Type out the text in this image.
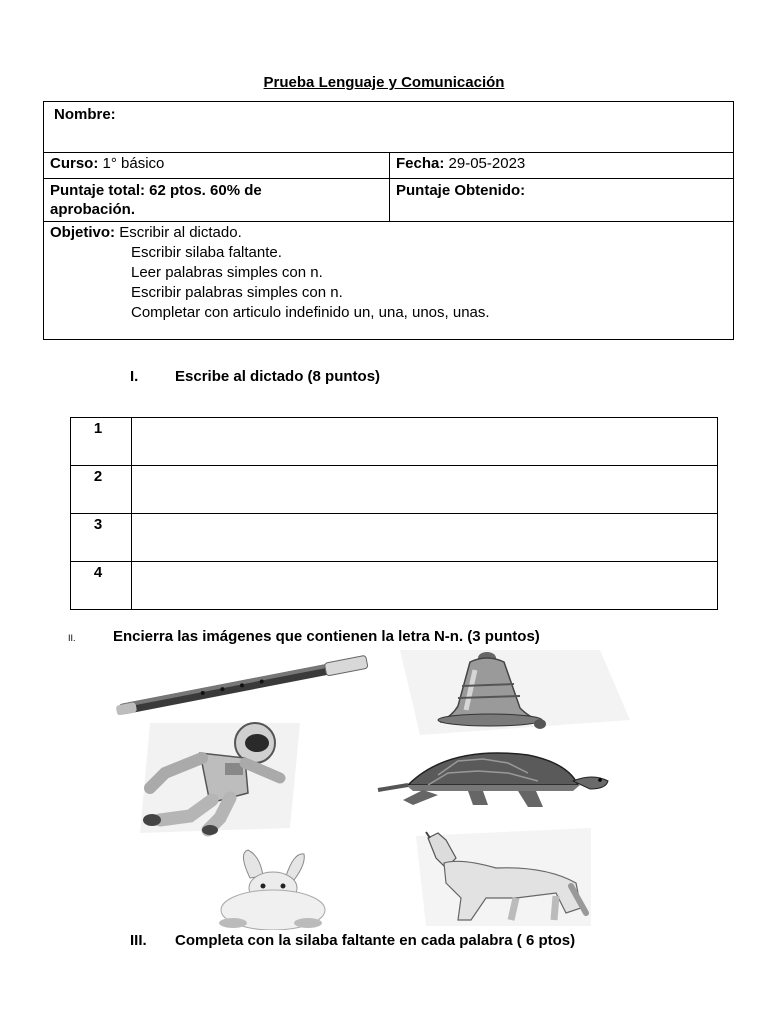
Prueba Lenguaje y Comunicación
Nombre:	
Curso: 1° básico	Fecha: 29-05-2023

Puntaje total: 62 ptos. 60% de
aprobación.	Puntaje Obtenido:

Objetivo: Escribir al dictado.
Escribir silaba faltante.
Leer palabras simples con n.
Escribir palabras simples con n.
Completar con articulo indefinido un, una, unos, unas.	
I. Escribe al dictado (8 puntos)
1	
2	
3	
4	
II. Encierra las imágenes que contienen la letra N-n. (3 puntos)
III. Completa con la silaba faltante en cada palabra ( 6 ptos)
